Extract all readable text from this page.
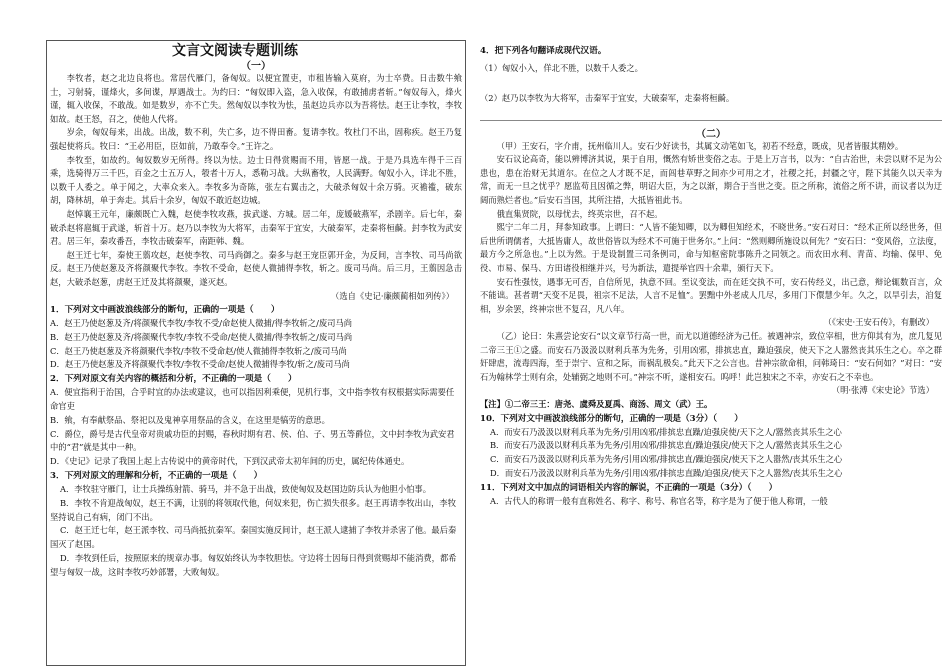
文言文阅读专题训练

（一）

李牧者，赵之北边良将也。常居代雁门，备匈奴。以便宜置吏，市租皆输入莫府，为士卒费。日击数牛飨士，习射骑，谨烽火，多间谍，厚遇战士。为约曰：“匈奴即入盗，急入收保，有敢捕虏者斩。”匈奴每入，烽火谨，辄入收保，不敢战。如是数岁，亦不亡失。然匈奴以李牧为怯，虽赵边兵亦以为吾将怯。赵王让李牧，李牧如故。赵王怒，召之，使他人代将。

岁余，匈奴每来，出战。出战，数不利，失亡多，边不得田畜。复请李牧。牧杜门不出，固称疾。赵王乃复强起使将兵。牧曰：“王必用臣，臣如前，乃敢奉令。”王许之。

李牧至，如故约。匈奴数岁无所得。终以为怯。边士日得赏赐而不用，皆愿一战。于是乃具选车得千三百乘，选骑得万三千匹，百金之士五万人，彀者十万人，悉勒习战。大纵畜牧，人民满野。匈奴小入，详北不胜，以数千人委之。单于闻之，大率众来入。李牧多为奇陈，张左右翼击之，大破杀匈奴十余万骑。灭襜褴，破东胡，降林胡，单于奔走。其后十余岁，匈奴不敢近赵边城。

赵悼襄王元年，廉颇既亡入魏，赵使李牧攻燕，拔武遂、方城。居二年，庞媛破燕军，杀剧辛。后七年，秦破杀赵将扈辄于武遂，斩首十万。赵乃以李牧为大将军，击秦军于宜安，大破秦军，走秦将桓齮。封李牧为武安君。居三年，秦攻番吾，李牧击破秦军，南距韩、魏。

赵王迁七年，秦使王翦攻赵，赵使李牧、司马尚御之。秦多与赵王宠臣郭开金，为反间，言李牧、司马尚欲反。赵王乃使赵葱及齐将颜聚代李牧。李牧不受命，赵使人微捕得李牧，斩之。废司马尚。后三月，王翦因急击赵，大破杀赵葱，虏赵王迁及其将颜聚，遂灭赵。

（选自《史记·廉颇蔺相如列传》）

1．下列对文中画波浪线部分的断句，正确的一项是（　　）

A．赵王乃使赵葱及齐/将颜聚代李牧/李牧不受/命赵使人微捕/得李牧斩之/废司马尚

B．赵王乃使赵葱及齐/将颜聚代李牧/李牧不受命/赵使人微捕/得李牧斩之/废司马尚

C．赵王乃使赵葱及齐将颜聚代李牧/李牧不受命赵/使人微捕得李牧斩之/废司马尚

D．赵王乃使赵葱及齐将颜聚代李牧/李牧不受命/赵使人微捕得李牧/斩之/废司马尚

2．下列对原文有关内容的概括和分析，不正确的一项是（　　）

A．便宜指利于治国，合乎时宜的办法或建议，也可以指因利乘便，见机行事，文中指李牧有权根据实际需要任命官吏

B．飨，有奉献祭品、祭祀以及鬼神享用祭品的含义，在这里是犒劳的意思。

C．爵位，爵号是古代皇帝对贵戚功臣的封赐，春秋时期有君、侯、伯、子、男五等爵位，文中封李牧为武安君中的“君”就是其中一种。

D．《史记》记录了我国上起上古传说中的黄帝时代，下到汉武帝太初年间的历史，属纪传体通史。

3．下列对原文的理解和分析，不正确的一项是（　　）

A．李牧驻守雁门，让士兵操练射箭、骑马，并不急于出战，致使匈奴及赵国边防兵认为他胆小怕事。

B．李牧不肯迎战匈奴，赵王不满，让别的将领取代他，何奴来犯，伤亡损失很多。赵王再请李牧出山，李牧坚持说自己有病，闭门不出。

C．赵王迁七年，赵王派李牧、司马尚抵抗秦军。秦国实施反间计，赵王派人逮捕了李牧并杀害了他。最后秦国灭了赵国。

D．李牧到任后，按照原来的规章办事。匈奴始终认为李牧胆怯。守边将士因每日得到赏赐却不能消费，都希望与匈奴一战，这时李牧巧妙部署，大败匈奴。

4．把下列各句翻译成现代汉语。

（1）匈奴小入，佯北不胜，以数千人委之。

（2）赵乃以李牧为大将军，击秦军于宜安，大破秦军，走秦将桓齮。

（二）

（甲）王安石，字介甫，抚州临川人。安石少好读书，其属文动笔如飞，初若不经意，既成，见者皆服其精妙。

安石议论高奇，能以辨博济其说，果于自用，慨然有矫世变俗之志。于是上万言书，以为：“自古治世，未尝以财不足为公患也，患在治财无其道尔。在位之人才既不足，而闾巷草野之间亦少可用之才，社稷之托，封疆之守，陛下其能久以天幸为常，而无一旦之忧乎？愿监苟且因循之弊，明诏大臣，为之以渐，期合于当世之变。臣之所称，流俗之所不讲，而议者以为迂阔而熟烂者也。”后安石当国，其所注措，大抵皆祖此书。

俄直集贤院，以母忧去，终英宗世，召不起。

熙宁二年二月，拜参知政事。上谓曰：“人皆不能知卿，以为卿但知经术，不晓世务。”安石对曰：“经术正所以经世务，但后世所谓儒者，大抵皆庸人，故世俗皆以为经术不可施于世务尔。”上问：“然则卿所施设以何先？”安石曰：“变风俗，立法度，最方今之所急也。”上以为然。于是设制置三司条例司，命与知枢密院事陈升之同领之。而农田水利、青苗、均输、保甲、免役、市易、保马、方田诸役相继并兴，号为新法，遣提举官四十余辈，颁行天下。

安石性强忮，遇事无可否，自信所见，执意不回。至议变法，而在廷交执不可，安石传经义，出己意，辩论辄数百言，众不能诎。甚者谓“天变不足畏，祖宗不足法，人言不足恤”。罢黜中外老成人几尽，多用门下儇慧少年。久之，以旱引去，洎复相，岁余罢，终神宗世不复召，凡八年。

（《宋史·王安石传》，有删改）

（乙）论曰：朱熹尝论安石“以文章节行高一世，而尤以道德经济为己任。被遇神宗，致位宰相，世方仰其有为，庶几复见二帝三王①之盛。而安石乃汲汲以财利兵革为先务，引用凶邪，排摈忠直，躁迫强戾，使天下之人嚣然丧其乐生之心。卒之群奸肆虐，流毒四海，至于崇宁、宣和之际，而祸乱极矣。”此天下之公言也。昔神宗欲命相，问韩琦曰：“安石何如？”对曰：“安石为翰林学士则有余，处辅弼之地则不可。”神宗不听，遂相安石。呜呼！此岂独宋之不幸，亦安石之不幸也。

（明·张溥《宋史论》节选）

【注】①二帝三王：唐尧、虞舜及夏禹、商汤、周文（武）王。

10．下列对文中画波浪线部分的断句，正确的一项是（3分）（　　）

A．而安石乃汲汲以财利兵革为先务/引用凶邪/排摈忠直躁/迫强戾使/天下之人/嚣然丧其乐生之心

B．而安石乃汲汲以财利兵革为先务/引用凶邪/排摈忠直/躁迫强戾/使天下之人/嚣然丧其乐生之心

C．而安石乃汲汲以财利兵革为先务/引用凶邪/排摈忠直/躁迫强戾/使天下之人嚣然/丧其乐生之心

D．而安石乃汲汲以财利兵革为先务/引用凶邪/排摈忠直躁/迫强戾/使天下之人嚣然/丧其乐生之心

11．下列对文中加点的词语相关内容的解说，不正确的一项是（3分）（　　）

A．古代人的称谓一般有直称姓名、称字、称号、称官名等，称字是为了便于他人称谓，一般
